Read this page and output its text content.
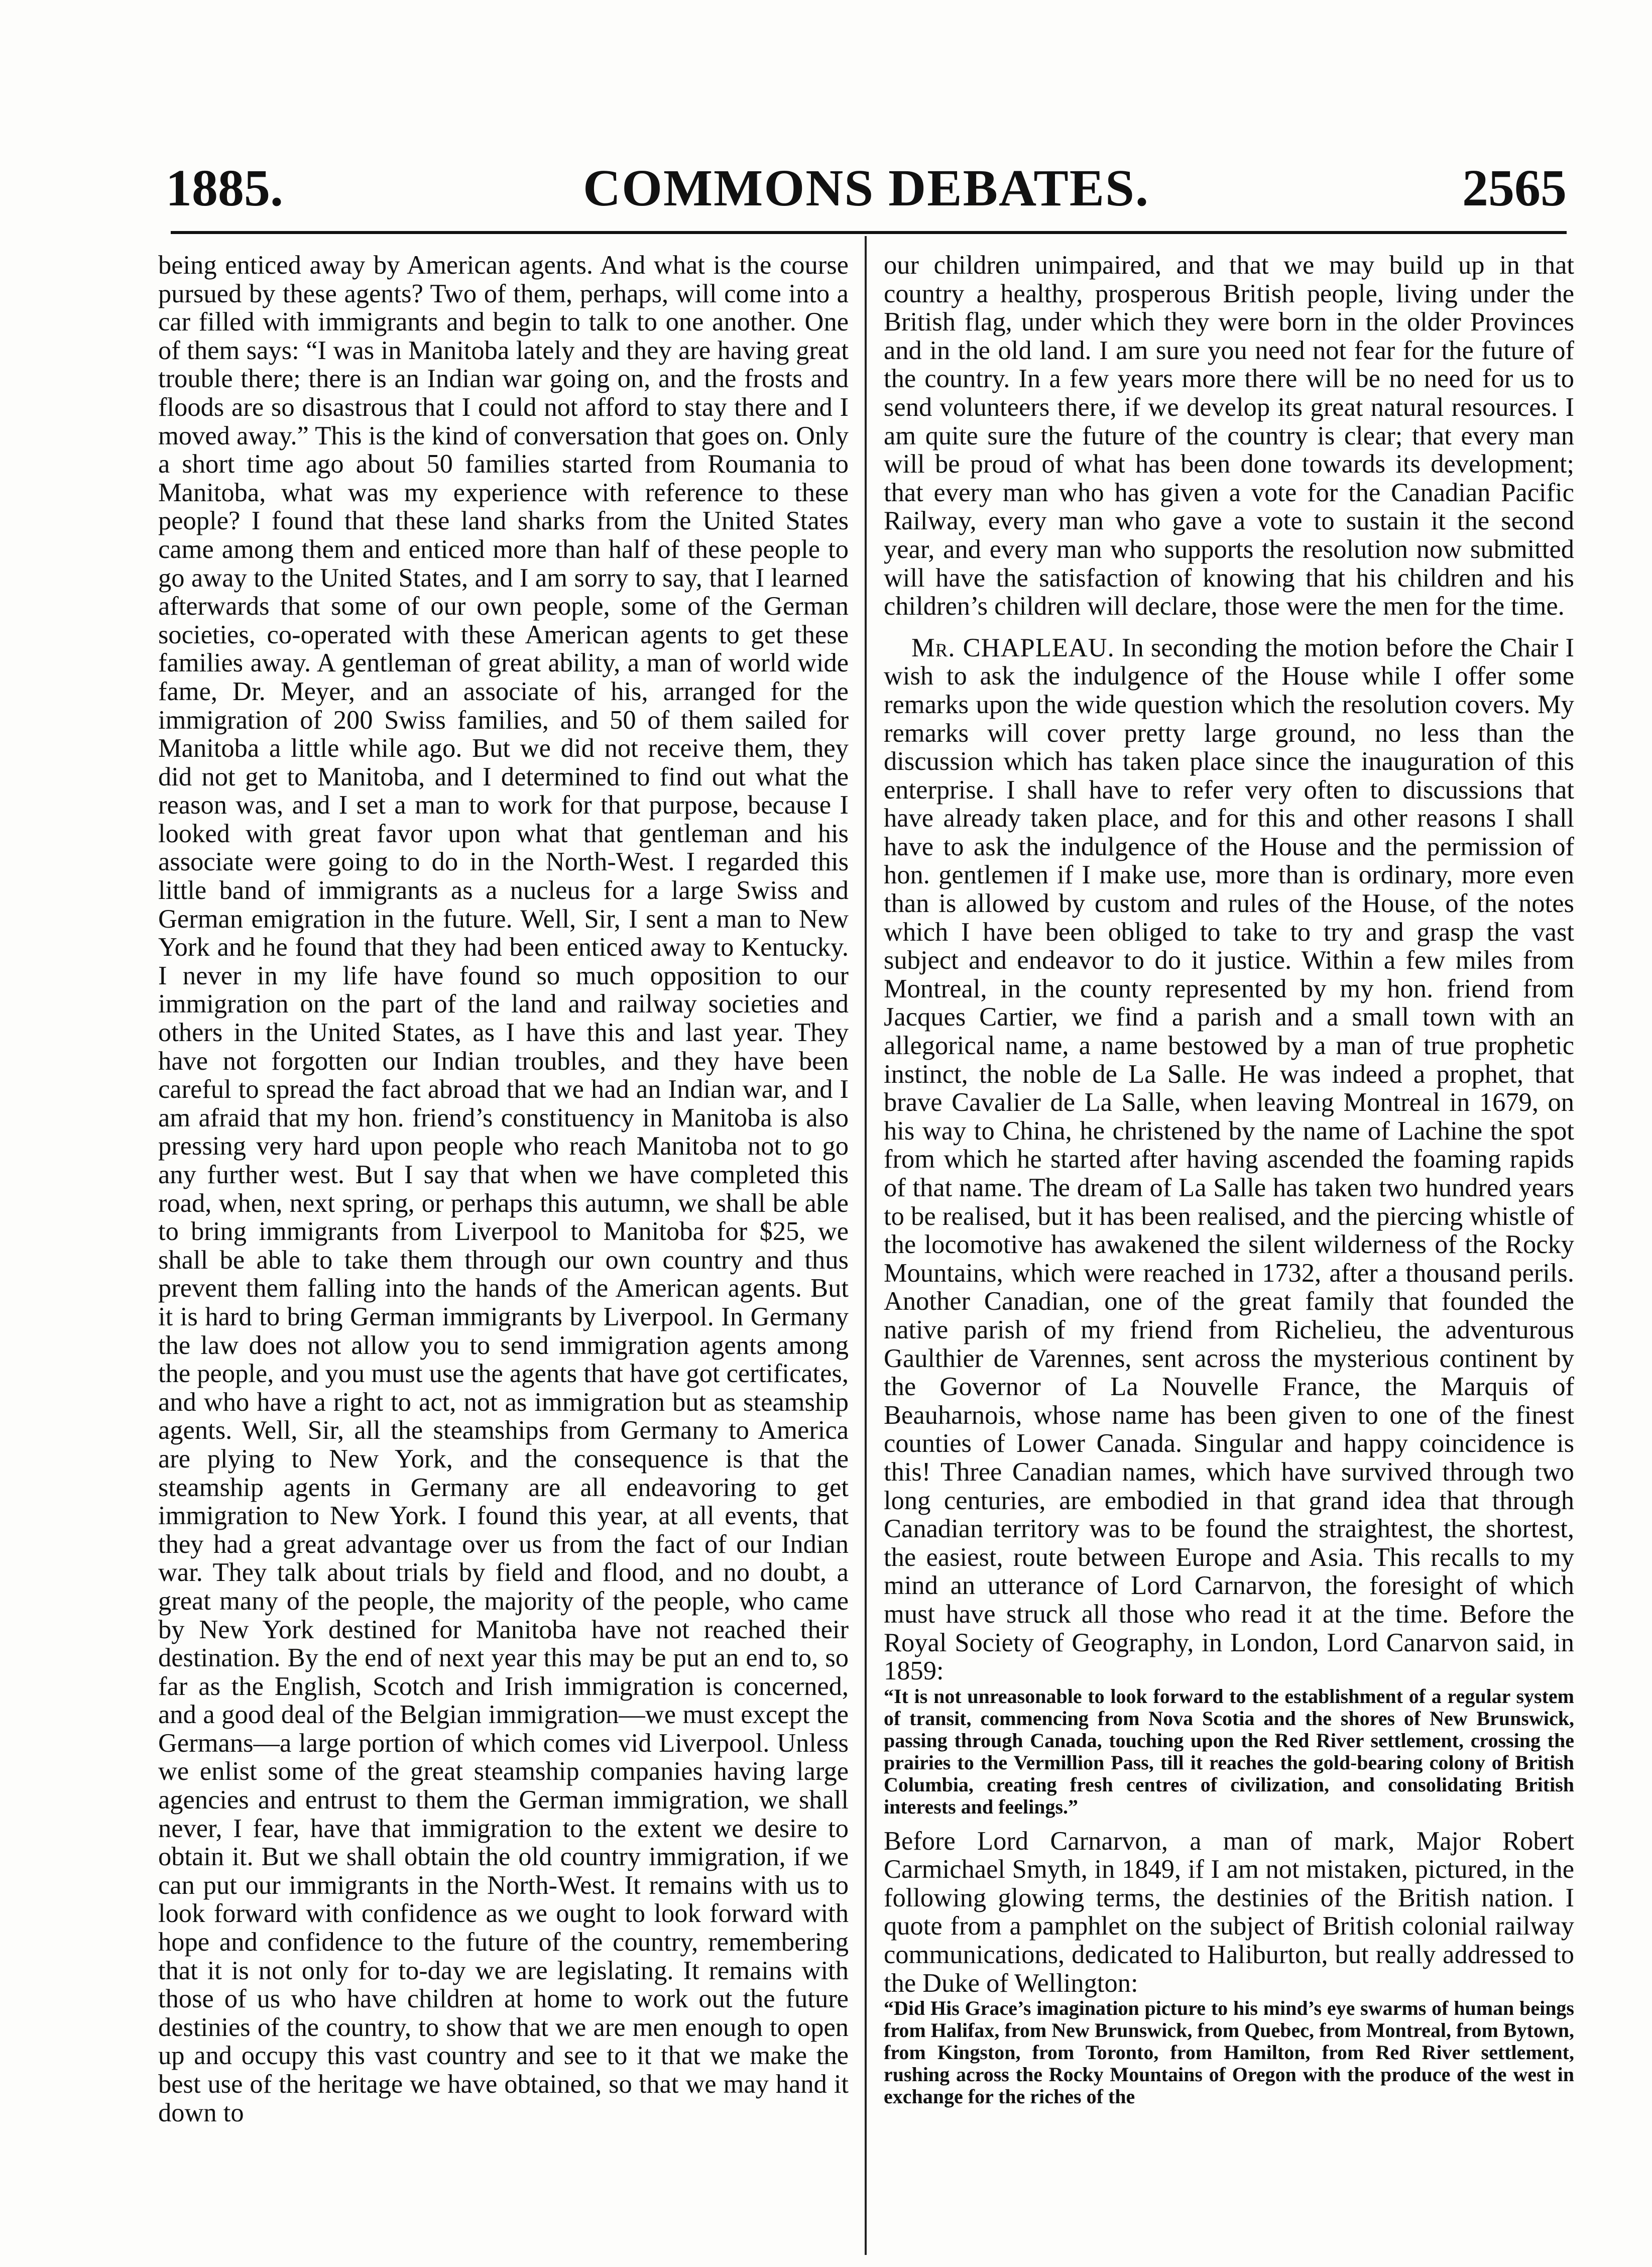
1885.	COMMONS DEBATES.	2565

being enticed away by American agents. And what is the course pursued by these agents? Two of them, perhaps, will come into a car filled with immigrants and begin to talk to one another. One of them says: “I was in Manitoba lately and they are having great trouble there; there is an Indian war going on, and the frosts and floods are so disastrous that I could not afford to stay there and I moved away.” This is the kind of conversation that goes on. Only a short time ago about 50 families started from Roumania to Manitoba, what was my experience with reference to these people? I found that these land sharks from the United States came among them and enticed more than half of these people to go away to the United States, and I am sorry to say, that I learned afterwards that some of our own people, some of the German societies, co-operated with these American agents to get these families away. A gentleman of great ability, a man of world wide fame, Dr. Meyer, and an associate of his, arranged for the immigration of 200 Swiss families, and 50 of them sailed for Manitoba a little while ago. But we did not receive them, they did not get to Manitoba, and I determined to find out what the reason was, and I set a man to work for that purpose, because I looked with great favor upon what that gentleman and his associate were going to do in the North-West. I regarded this little band of immigrants as a nucleus for a large Swiss and German emigration in the future. Well, Sir, I sent a man to New York and he found that they had been enticed away to Kentucky. I never in my life have found so much opposition to our immigration on the part of the land and railway societies and others in the United States, as I have this and last year. They have not forgotten our Indian troubles, and they have been careful to spread the fact abroad that we had an Indian war, and I am afraid that my hon. friend’s constituency in Manitoba is also pressing very hard upon people who reach Manitoba not to go any further west. But I say that when we have completed this road, when, next spring, or perhaps this autumn, we shall be able to bring immigrants from Liverpool to Manitoba for $25, we shall be able to take them through our own country and thus prevent them falling into the hands of the American agents. But it is hard to bring German immigrants by Liverpool. In Germany the law does not allow you to send immigration agents among the people, and you must use the agents that have got certificates, and who have a right to act, not as immigration but as steamship agents. Well, Sir, all the steamships from Germany to America are plying to New York, and the consequence is that the steamship agents in Germany are all endeavoring to get immigration to New York. I found this year, at all events, that they had a great advantage over us from the fact of our Indian war. They talk about trials by field and flood, and no doubt, a great many of the people, the majority of the people, who came by New York destined for Manitoba have not reached their destination. By the end of next year this may be put an end to, so far as the English, Scotch and Irish immigration is concerned, and a good deal of the Belgian immigration—we must except the Germans—a large portion of which comes vid Liverpool. Unless we enlist some of the great steamship companies having large agencies and entrust to them the German immigration, we shall never, I fear, have that immigration to the extent we desire to obtain it. But we shall obtain the old country immigration, if we can put our immigrants in the North-West. It remains with us to look forward with confidence as we ought to look forward with hope and confidence to the future of the country, remembering that it is not only for to-day we are legislating. It remains with those of us who have children at home to work out the future destinies of the country, to show that we are men enough to open up and occupy this vast country and see to it that we make the best use of the heritage we have obtained, so that we may hand it down to

our children unimpaired, and that we may build up in that country a healthy, prosperous British people, living under the British flag, under which they were born in the older Provinces and in the old land. I am sure you need not fear for the future of the country. In a few years more there will be no need for us to send volunteers there, if we develop its great natural resources. I am quite sure the future of the country is clear; that every man will be proud of what has been done towards its development; that every man who has given a vote for the Canadian Pacific Railway, every man who gave a vote to sustain it the second year, and every man who supports the resolution now submitted will have the satisfaction of knowing that his children and his children’s children will declare, those were the men for the time.

Mr. CHAPLEAU. In seconding the motion before the Chair I wish to ask the indulgence of the House while I offer some remarks upon the wide question which the resolution covers. My remarks will cover pretty large ground, no less than the discussion which has taken place since the inauguration of this enterprise. I shall have to refer very often to discussions that have already taken place, and for this and other reasons I shall have to ask the indulgence of the House and the permission of hon. gentlemen if I make use, more than is ordinary, more even than is allowed by custom and rules of the House, of the notes which I have been obliged to take to try and grasp the vast subject and endeavor to do it justice. Within a few miles from Montreal, in the county represented by my hon. friend from Jacques Cartier, we find a parish and a small town with an allegorical name, a name bestowed by a man of true prophetic instinct, the noble de La Salle. He was indeed a prophet, that brave Cavalier de La Salle, when leaving Montreal in 1679, on his way to China, he christened by the name of Lachine the spot from which he started after having ascended the foaming rapids of that name. The dream of La Salle has taken two hundred years to be realised, but it has been realised, and the piercing whistle of the locomotive has awakened the silent wilderness of the Rocky Mountains, which were reached in 1732, after a thousand perils. Another Canadian, one of the great family that founded the native parish of my friend from Richelieu, the adventurous Gaulthier de Varennes, sent across the mysterious continent by the Governor of La Nouvelle France, the Marquis of Beauharnois, whose name has been given to one of the finest counties of Lower Canada. Singular and happy coincidence is this! Three Canadian names, which have survived through two long centuries, are embodied in that grand idea that through Canadian territory was to be found the straightest, the shortest, the easiest, route between Europe and Asia. This recalls to my mind an utterance of Lord Carnarvon, the foresight of which must have struck all those who read it at the time. Before the Royal Society of Geography, in London, Lord Canarvon said, in 1859:

“It is not unreasonable to look forward to the establishment of a regular system of transit, commencing from Nova Scotia and the shores of New Brunswick, passing through Canada, touching upon the Red River settlement, crossing the prairies to the Vermillion Pass, till it reaches the gold-bearing colony of British Columbia, creating fresh centres of civilization, and consolidating British interests and feelings.”

Before Lord Carnarvon, a man of mark, Major Robert Carmichael Smyth, in 1849, if I am not mistaken, pictured, in the following glowing terms, the destinies of the British nation. I quote from a pamphlet on the subject of British colonial railway communications, dedicated to Haliburton, but really addressed to the Duke of Wellington:

“Did His Grace’s imagination picture to his mind’s eye swarms of human beings from Halifax, from New Brunswick, from Quebec, from Montreal, from Bytown, from Kingston, from Toronto, from Hamilton, from Red River settlement, rushing across the Rocky Mountains of Oregon with the produce of the west in exchange for the riches of the
